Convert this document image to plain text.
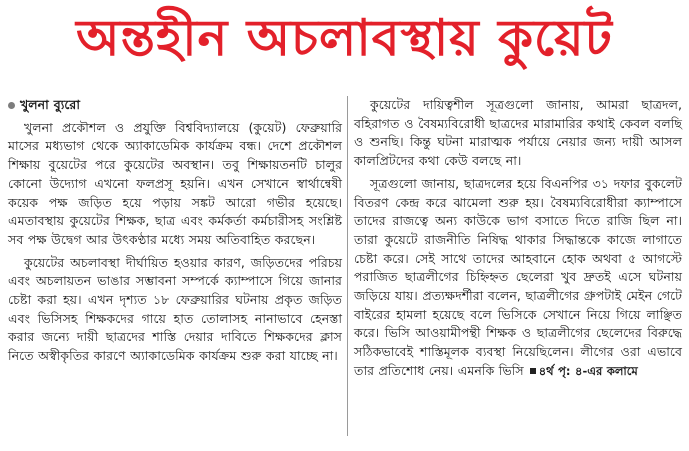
অন্তহীন অচলাবস্থায় কুয়েট
খুলনা ব্যুরো

খুলনা প্রকৌশল ও প্রযুক্তি বিশ্ববিদ্যালয়ে (কুয়েট) ফেব্রুয়ারি মাসের মধ্যভাগ থেকে অ্যাকাডেমিক কার্যক্রম বন্ধ। দেশে প্রকৌশল শিক্ষায় বুয়েটের পরে কুয়েটের অবস্থান। তবু শিক্ষায়তনটি চালুর কোনো উদ্যোগ এখনো ফলপ্রসূ হয়নি। এখন সেখানে স্বার্থান্বেষী কয়েক পক্ষ জড়িত হয়ে পড়ায় সঙ্কট আরো গভীর হয়েছে। এমতাবস্থায় কুয়েটের শিক্ষক, ছাত্র এবং কর্মকর্তা কর্মচারীসহ সংশ্লিষ্ট সব পক্ষ উদ্বেগ আর উৎকণ্ঠার মধ্যে সময় অতিবাহিত করছেন।

কুয়েটের অচলাবস্থা দীর্ঘায়িত হওয়ার কারণ, জড়িতদের পরিচয় এবং অচলায়তন ভাঙার সম্ভাবনা সম্পর্কে ক্যাম্পাসে গিয়ে জানার চেষ্টা করা হয়। এখন দৃশ্যত ১৮ ফেব্রুয়ারির ঘটনায় প্রকৃত জড়িত এবং ভিসিসহ শিক্ষকদের গায়ে হাত তোলাসহ নানাভাবে হেনস্তা করার জন্যে দায়ী ছাত্রদের শাস্তি দেয়ার দাবিতে শিক্ষকদের ক্লাস নিতে অস্বীকৃতির কারণে অ্যাকাডেমিক কার্যক্রম শুরু করা যাচ্ছে না।

কুয়েটের দায়িত্বশীল সূত্রগুলো জানায়, আমরা ছাত্রদল, বহিরাগত ও বৈষম্যবিরোধী ছাত্রদের মারামারির কথাই কেবল বলছি ও শুনছি। কিন্তু ঘটনা মারাত্মক পর্যায়ে নেয়ার জন্য দায়ী আসল কালপ্রিটদের কথা কেউ বলছে না।

সূত্রগুলো জানায়, ছাত্রদলের হয়ে বিএনপির ৩১ দফার বুকলেট বিতরণ কেন্দ্র করে ঝামেলা শুরু হয়। বৈষম্যবিরোধীরা ক্যাম্পাসে তাদের রাজত্বে অন্য কাউকে ভাগ বসাতে দিতে রাজি ছিল না। তারা কুয়েটে রাজনীতি নিষিদ্ধ থাকার সিদ্ধান্তকে কাজে লাগাতে চেষ্টা করে। সেই সাথে তাদের আহবানে হোক অথবা ৫ আগস্টে পরাজিত ছাত্রলীগের চিহ্নিহ্নত ছেলেরা খুব দ্রুতই এসে ঘটনায় জড়িয়ে যায়। প্রত্যক্ষদর্শীরা বলেন, ছাত্রলীগের গ্রুপটাই মেইন গেটে বাইরের হামলা হয়েছে বলে ভিসিকে সেখানে নিয়ে গিয়ে লাঞ্ছিত করে। ভিসি আওয়ামীপন্থী শিক্ষক ও ছাত্রলীগের ছেলেদের বিরুদ্ধে সঠিকভাবেই শাস্তিমূলক ব্যবস্থা নিয়েছিলেন। লীগের ওরা এভাবে তার প্রতিশোধ নেয়। এমনকি ভিসি ৪র্থ পৃ: ৪-এর কলামে
